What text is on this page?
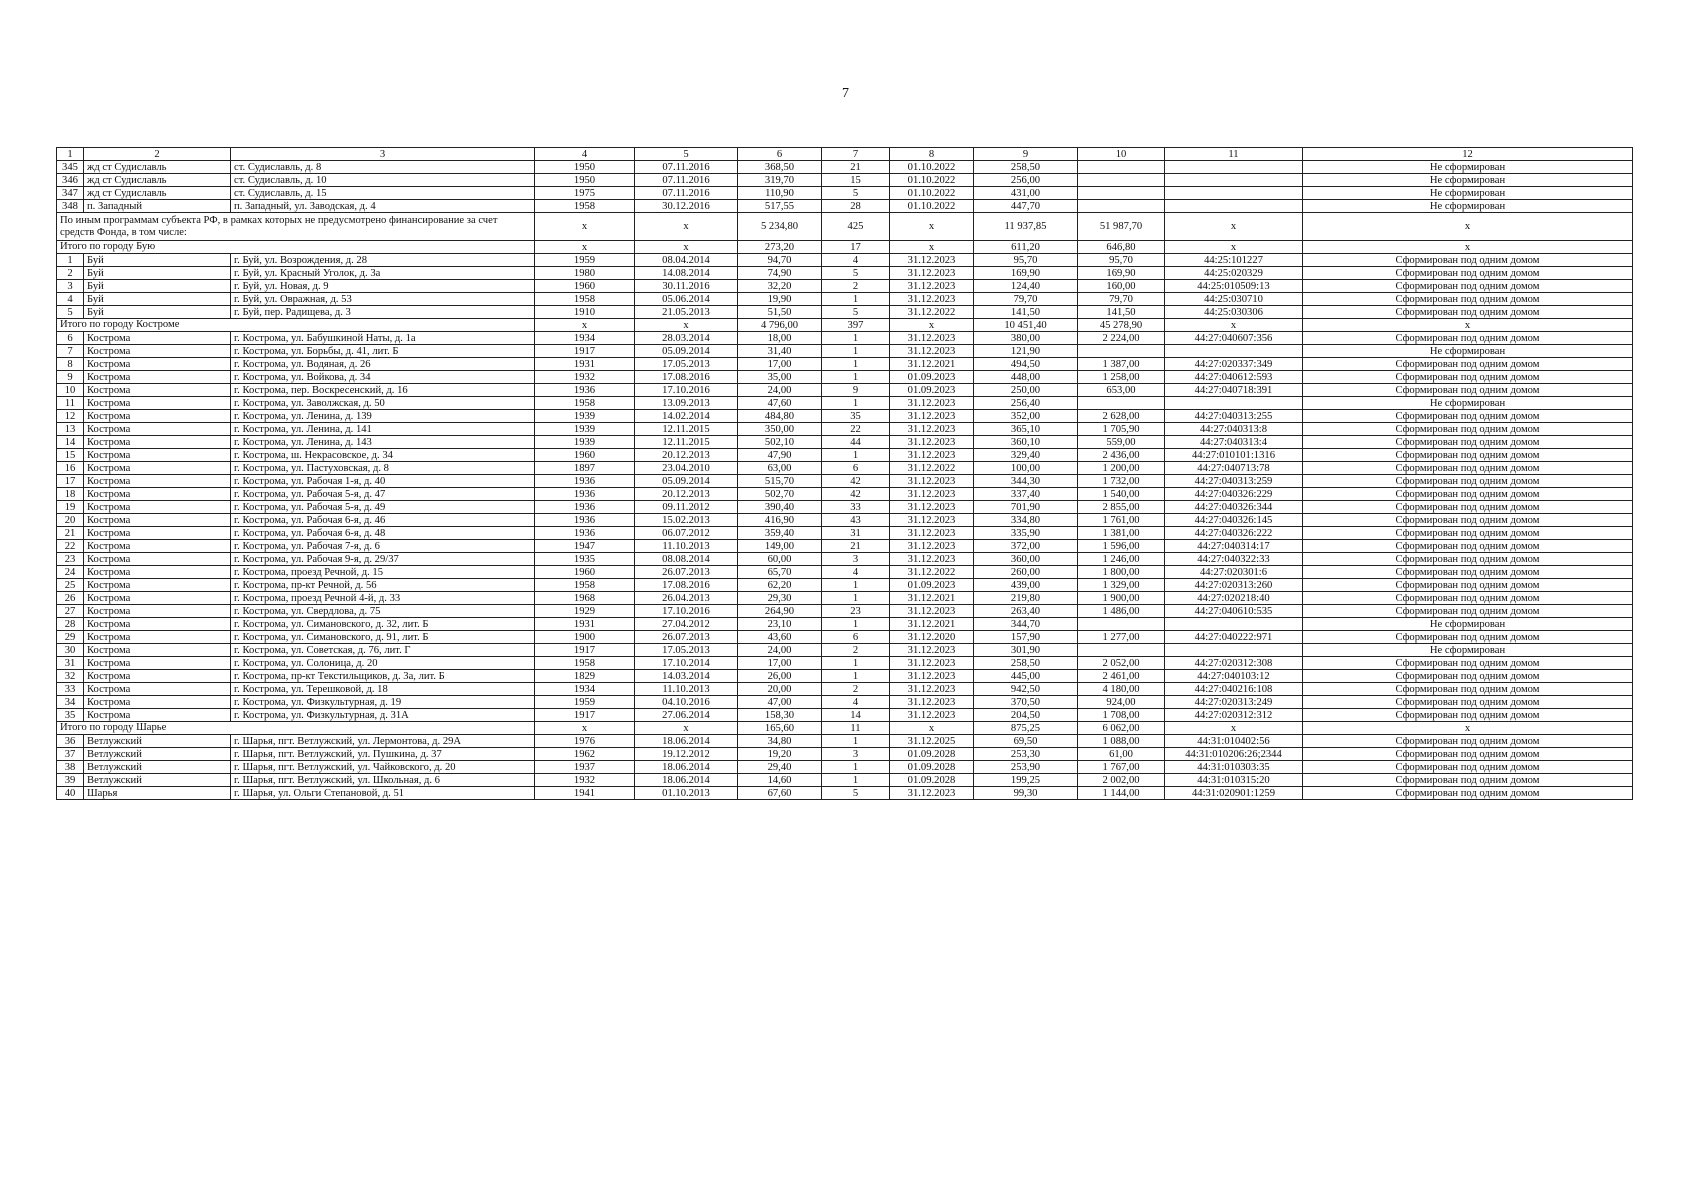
7
1	2	3	4	5	6	7	8	9	10	11	12
345	жд ст Судиславль	ст. Судиславль, д. 8	1950	07.11.2016	368,50	21	01.10.2022	258,50			Не сформирован
346	жд ст Судиславль	ст. Судиславль, д. 10	1950	07.11.2016	319,70	15	01.10.2022	256,00			Не сформирован
347	жд ст Судиславль	ст. Судиславль, д. 15	1975	07.11.2016	110,90	5	01.10.2022	431,00			Не сформирован
348	п. Западный	п. Западный, ул. Заводская, д. 4	1958	30.12.2016	517,55	28	01.10.2022	447,70			Не сформирован
По иным программам субъекта РФ, в рамках которых не предусмотрено финансирование за счет средств Фонда, в том числе:			x	x	5 234,80	425	x	11 937,85	51 987,70	x	x
Итого по городу Бую			x	x	273,20	17	x	611,20	646,80	x	x
1	Буй	г. Буй, ул. Возрождения, д. 28	1959	08.04.2014	94,70	4	31.12.2023	95,70	95,70	44:25:101227	Сформирован под одним домом
2	Буй	г. Буй, ул. Красный Уголок, д. 3а	1980	14.08.2014	74,90	5	31.12.2023	169,90	169,90	44:25:020329	Сформирован под одним домом
3	Буй	г. Буй, ул. Новая, д. 9	1960	30.11.2016	32,20	2	31.12.2023	124,40	160,00	44:25:010509:13	Сформирован под одним домом
4	Буй	г. Буй, ул. Овражная, д. 53	1958	05.06.2014	19,90	1	31.12.2023	79,70	79,70	44:25:030710	Сформирован под одним домом
5	Буй	г. Буй, пер. Радищева, д. 3	1910	21.05.2013	51,50	5	31.12.2022	141,50	141,50	44:25:030306	Сформирован под одним домом
Итого по городу Костроме			x	x	4 796,00	397	x	10 451,40	45 278,90	x	x
6	Кострома	г. Кострома, ул. Бабушкиной Наты, д. 1а	1934	28.03.2014	18,00	1	31.12.2023	380,00	2 224,00	44:27:040607:356	Сформирован под одним домом
7	Кострома	г. Кострома, ул. Борьбы, д. 41, лит. Б	1917	05.09.2014	31,40	1	31.12.2023	121,90			Не сформирован
8	Кострома	г. Кострома, ул. Водяная, д. 26	1931	17.05.2013	17,00	1	31.12.2021	494,50	1 387,00	44:27:020337:349	Сформирован под одним домом
9	Кострома	г. Кострома, ул. Войкова, д. 34	1932	17.08.2016	35,00	1	01.09.2023	448,00	1 258,00	44:27:040612:593	Сформирован под одним домом
10	Кострома	г. Кострома, пер. Воскресенский, д. 16	1936	17.10.2016	24,00	9	01.09.2023	250,00	653,00	44:27:040718:391	Сформирован под одним домом
11	Кострома	г. Кострома, ул. Заволжская, д. 50	1958	13.09.2013	47,60	1	31.12.2023	256,40			Не сформирован
12	Кострома	г. Кострома, ул. Ленина, д. 139	1939	14.02.2014	484,80	35	31.12.2023	352,00	2 628,00	44:27:040313:255	Сформирован под одним домом
13	Кострома	г. Кострома, ул. Ленина, д. 141	1939	12.11.2015	350,00	22	31.12.2023	365,10	1 705,90	44:27:040313:8	Сформирован под одним домом
14	Кострома	г. Кострома, ул. Ленина, д. 143	1939	12.11.2015	502,10	44	31.12.2023	360,10	559,00	44:27:040313:4	Сформирован под одним домом
15	Кострома	г. Кострома, ш. Некрасовское, д. 34	1960	20.12.2013	47,90	1	31.12.2023	329,40	2 436,00	44:27:010101:1316	Сформирован под одним домом
16	Кострома	г. Кострома, ул. Пастуховская, д. 8	1897	23.04.2010	63,00	6	31.12.2022	100,00	1 200,00	44:27:040713:78	Сформирован под одним домом
17	Кострома	г. Кострома, ул. Рабочая 1-я, д. 40	1936	05.09.2014	515,70	42	31.12.2023	344,30	1 732,00	44:27:040313:259	Сформирован под одним домом
18	Кострома	г. Кострома, ул. Рабочая 5-я, д. 47	1936	20.12.2013	502,70	42	31.12.2023	337,40	1 540,00	44:27:040326:229	Сформирован под одним домом
19	Кострома	г. Кострома, ул. Рабочая 5-я, д. 49	1936	09.11.2012	390,40	33	31.12.2023	701,90	2 855,00	44:27:040326:344	Сформирован под одним домом
20	Кострома	г. Кострома, ул. Рабочая 6-я, д. 46	1936	15.02.2013	416,90	43	31.12.2023	334,80	1 761,00	44:27:040326:145	Сформирован под одним домом
21	Кострома	г. Кострома, ул. Рабочая 6-я, д. 48	1936	06.07.2012	359,40	31	31.12.2023	335,90	1 381,00	44:27:040326:222	Сформирован под одним домом
22	Кострома	г. Кострома, ул. Рабочая 7-я, д. 6	1947	11.10.2013	149,00	21	31.12.2023	372,00	1 596,00	44:27:040314:17	Сформирован под одним домом
23	Кострома	г. Кострома, ул. Рабочая 9-я, д. 29/37	1935	08.08.2014	60,00	3	31.12.2023	360,00	1 246,00	44:27:040322:33	Сформирован под одним домом
24	Кострома	г. Кострома, проезд Речной, д. 15	1960	26.07.2013	65,70	4	31.12.2022	260,00	1 800,00	44:27:020301:6	Сформирован под одним домом
25	Кострома	г. Кострома, пр-кт Речной, д. 56	1958	17.08.2016	62,20	1	01.09.2023	439,00	1 329,00	44:27:020313:260	Сформирован под одним домом
26	Кострома	г. Кострома, проезд Речной 4-й, д. 33	1968	26.04.2013	29,30	1	31.12.2021	219,80	1 900,00	44:27:020218:40	Сформирован под одним домом
27	Кострома	г. Кострома, ул. Свердлова, д. 75	1929	17.10.2016	264,90	23	31.12.2023	263,40	1 486,00	44:27:040610:535	Сформирован под одним домом
28	Кострома	г. Кострома, ул. Симановского, д. 32, лит. Б	1931	27.04.2012	23,10	1	31.12.2021	344,70			Не сформирован
29	Кострома	г. Кострома, ул. Симановского, д. 91, лит. Б	1900	26.07.2013	43,60	6	31.12.2020	157,90	1 277,00	44:27:040222:971	Сформирован под одним домом
30	Кострома	г. Кострома, ул. Советская, д. 76, лит. Г	1917	17.05.2013	24,00	2	31.12.2023	301,90			Не сформирован
31	Кострома	г. Кострома, ул. Солоница, д. 20	1958	17.10.2014	17,00	1	31.12.2023	258,50	2 052,00	44:27:020312:308	Сформирован под одним домом
32	Кострома	г. Кострома, пр-кт Текстильщиков, д. 3а, лит. Б	1829	14.03.2014	26,00	1	31.12.2023	445,00	2 461,00	44:27:040103:12	Сформирован под одним домом
33	Кострома	г. Кострома, ул. Терешковой, д. 18	1934	11.10.2013	20,00	2	31.12.2023	942,50	4 180,00	44:27:040216:108	Сформирован под одним домом
34	Кострома	г. Кострома, ул. Физкультурная, д. 19	1959	04.10.2016	47,00	4	31.12.2023	370,50	924,00	44:27:020313:249	Сформирован под одним домом
35	Кострома	г. Кострома, ул. Физкультурная, д. 31А	1917	27.06.2014	158,30	14	31.12.2023	204,50	1 708,00	44:27:020312:312	Сформирован под одним домом
Итого по городу Шарье			x	x	165,60	11	x	875,25	6 062,00	x	x
36	Ветлужский	г. Шарья, пгт. Ветлужский, ул. Лермонтова, д. 29А	1976	18.06.2014	34,80	1	31.12.2025	69,50	1 088,00	44:31:010402:56	Сформирован под одним домом
37	Ветлужский	г. Шарья, пгт. Ветлужский, ул. Пушкина, д. 37	1962	19.12.2012	19,20	3	01.09.2028	253,30	61,00	44:31:010206:26;2344	Сформирован под одним домом
38	Ветлужский	г. Шарья, пгт. Ветлужский, ул. Чайковского, д. 20	1937	18.06.2014	29,40	1	01.09.2028	253,90	1 767,00	44:31:010303:35	Сформирован под одним домом
39	Ветлужский	г. Шарья, пгт. Ветлужский, ул. Школьная, д. 6	1932	18.06.2014	14,60	1	01.09.2028	199,25	2 002,00	44:31:010315:20	Сформирован под одним домом
40	Шарья	г. Шарья, ул. Ольги Степановой, д. 51	1941	01.10.2013	67,60	5	31.12.2023	99,30	1 144,00	44:31:020901:1259	Сформирован под одним домом
